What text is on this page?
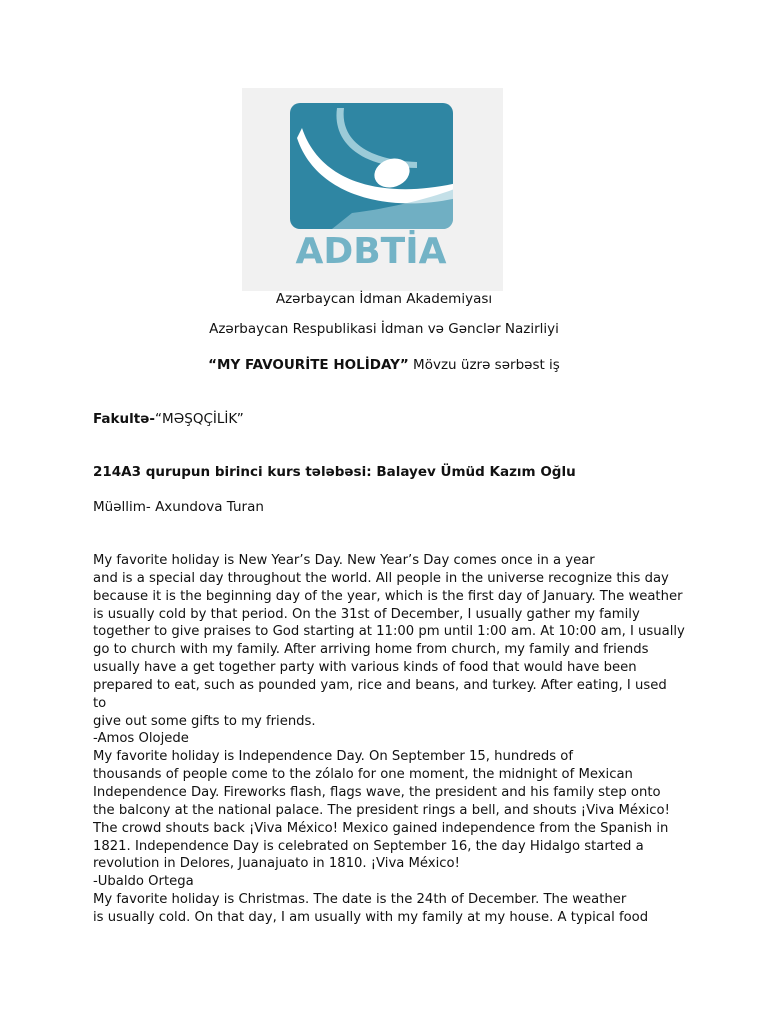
ADBTİA
Azərbaycan İdman Akademiyası
Azərbaycan Respublikasi İdman və Gənclər Nazirliyi
“MY FAVOURİTE HOLİDAY” Mövzu üzrə sərbəst iş
Fakultə-“MƏŞQÇİLİK”
214A3 qurupun birinci kurs tələbəsi: Balayev Ümüd Kazım Oğlu
Müəllim- Axundova Turan
My favorite holiday is New Year’s Day. New Year’s Day comes once in a year
and is a special day throughout the world. All people in the universe recognize this day
because it is the beginning day of the year, which is the first day of January. The weather
is usually cold by that period. On the 31st of December, I usually gather my family
together to give praises to God starting at 11:00 pm until 1:00 am. At 10:00 am, I usually
go to church with my family. After arriving home from church, my family and friends
usually have a get together party with various kinds of food that would have been
prepared to eat, such as pounded yam, rice and beans, and turkey. After eating, I used
to
give out some gifts to my friends.
-Amos Olojede
My favorite holiday is Independence Day. On September 15, hundreds of
thousands of people come to the zólalo for one moment, the midnight of Mexican
Independence Day. Fireworks flash, flags wave, the president and his family step onto
the balcony at the national palace. The president rings a bell, and shouts ¡Viva México!
The crowd shouts back ¡Viva México! Mexico gained independence from the Spanish in
1821. Independence Day is celebrated on September 16, the day Hidalgo started a
revolution in Delores, Juanajuato in 1810. ¡Viva México!
-Ubaldo Ortega
My favorite holiday is Christmas. The date is the 24th of December. The weather
is usually cold. On that day, I am usually with my family at my house. A typical food
